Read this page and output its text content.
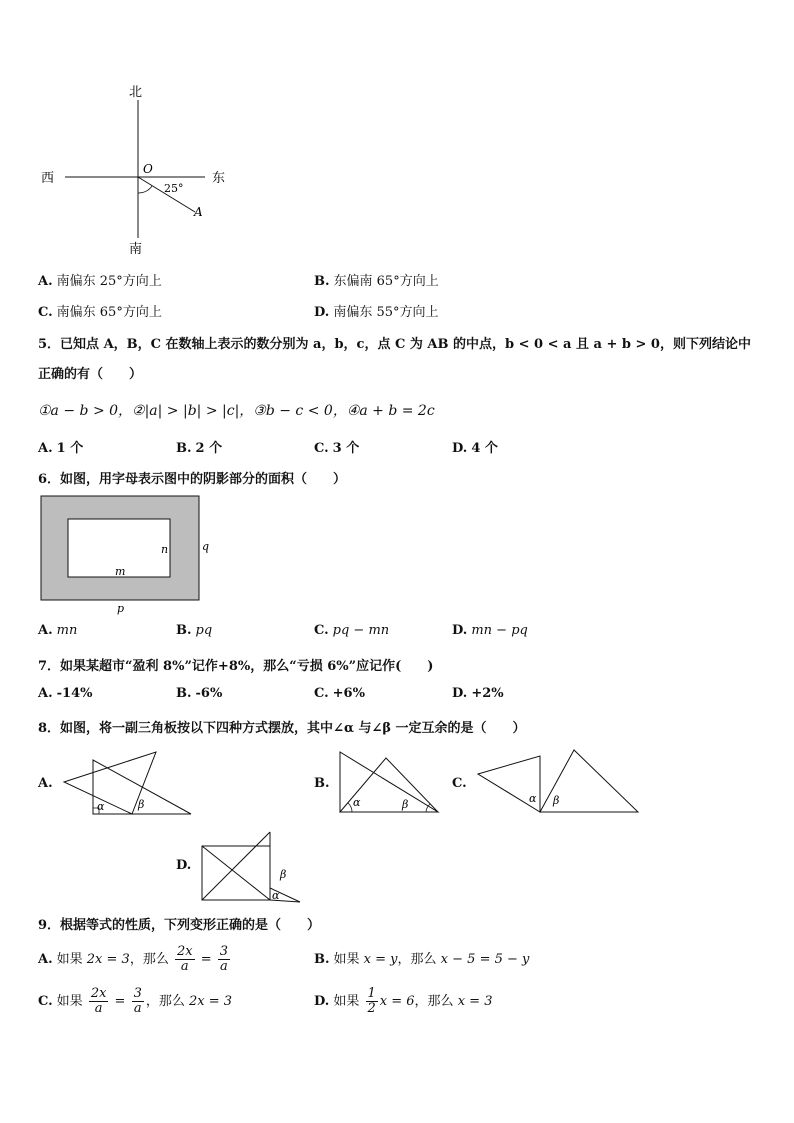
北
南
西	东
O
25°
A
A. 南偏东 25°方向上	B. 东偏南 65°方向上
C. 南偏东 65°方向上	D. 南偏东 55°方向上
5．已知点 A，B，C 在数轴上表示的数分别为 a，b，c，点 C 为 AB 的中点，b < 0 < a 且 a + b > 0，则下列结论中
正确的有（　　）
①a − b > 0，②|a| > |b| > |c|，③b − c < 0，④a + b = 2c
A. 1 个	B. 2 个	C. 3 个	D. 4 个
6．如图，用字母表示图中的阴影部分的面积（　　）
n	q
m
p
A. mn	B. pq	C. pq − mn	D. mn − pq
7．如果某超市“盈利 8%”记作+8%，那么“亏损 6%”应记作(　　)
A. -14%	B. -6%	C. +6%	D. +2%
8．如图，将一副三角板按以下四种方式摆放，其中∠α 与∠β 一定互余的是（　　）
A.
α	β
B.
α	β
C.
α β
D.
β
α
9．根据等式的性质，下列变形正确的是（　　）
A. 如果 2x = 3，那么 $\frac{2x}{a} = \frac{3}{a}$	B. 如果 x = y，那么 x − 5 = 5 − y
C. 如果 $\frac{2x}{a} = \frac{3}{a}$ ，那么 2x = 3	D. 如果 $\frac{1}{2}$ x = 6，那么 x = 3
